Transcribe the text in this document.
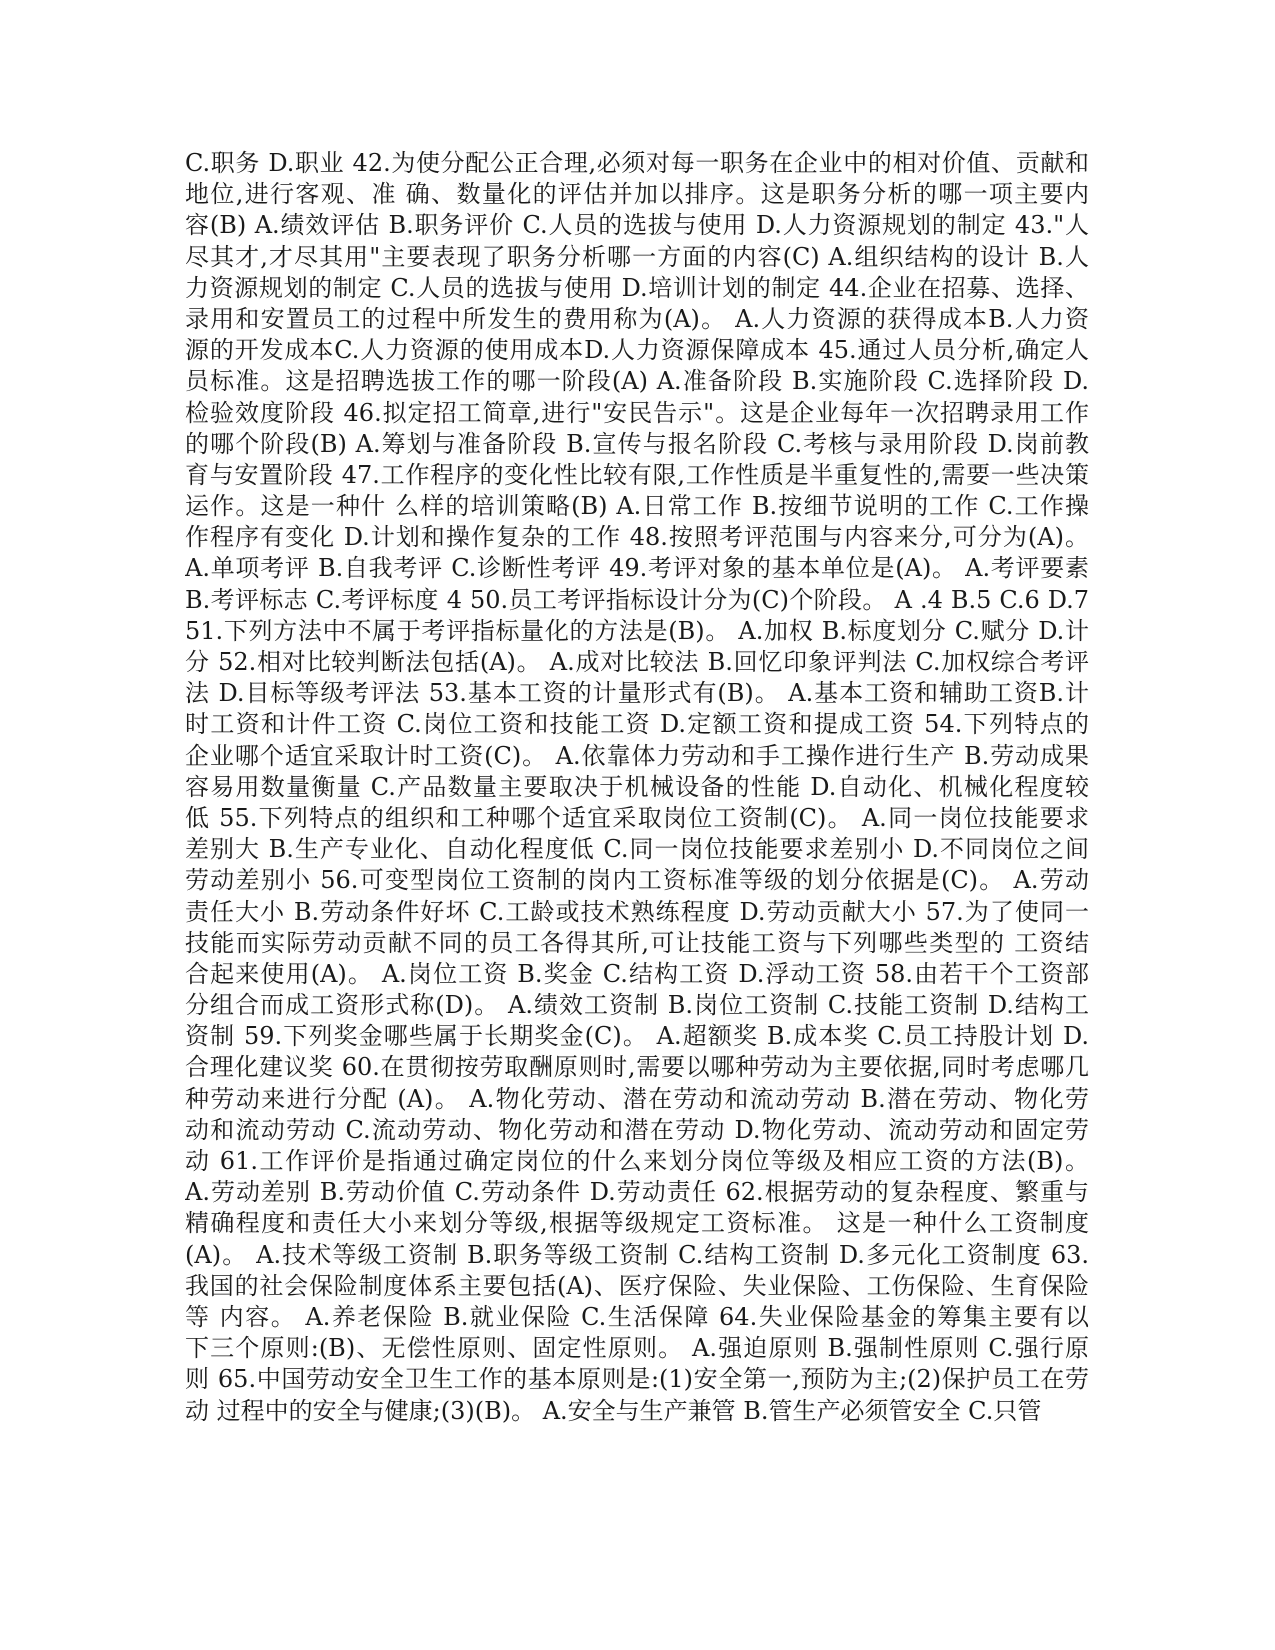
C.职务 D.职业 42.为使分配公正合理,必须对每一职务在企业中的相对价值、贡献和
地位,进行客观、准 确、数量化的评估并加以排序。这是职务分析的哪一项主要内
容(B) A.绩效评估 B.职务评价 C.人员的选拔与使用 D.人力资源规划的制定 43."人
尽其才,才尽其用"主要表现了职务分析哪一方面的内容(C) A.组织结构的设计 B.人
力资源规划的制定 C.人员的选拔与使用 D.培训计划的制定 44.企业在招募、选择、
录用和安置员工的过程中所发生的费用称为(A)。 A.人力资源的获得成本B.人力资
源的开发成本C.人力资源的使用成本D.人力资源保障成本 45.通过人员分析,确定人
员标准。这是招聘选拔工作的哪一阶段(A) A.准备阶段 B.实施阶段 C.选择阶段 D.
检验效度阶段 46.拟定招工简章,进行"安民告示"。这是企业每年一次招聘录用工作
的哪个阶段(B) A.筹划与准备阶段 B.宣传与报名阶段 C.考核与录用阶段 D.岗前教
育与安置阶段 47.工作程序的变化性比较有限,工作性质是半重复性的,需要一些决策
运作。这是一种什 么样的培训策略(B) A.日常工作 B.按细节说明的工作 C.工作操
作程序有变化 D.计划和操作复杂的工作 48.按照考评范围与内容来分,可分为(A)。
A.单项考评 B.自我考评 C.诊断性考评 49.考评对象的基本单位是(A)。 A.考评要素
B.考评标志 C.考评标度 4 50.员工考评指标设计分为(C)个阶段。 A .4 B.5 C.6 D.7
51.下列方法中不属于考评指标量化的方法是(B)。 A.加权 B.标度划分 C.赋分 D.计
分 52.相对比较判断法包括(A)。 A.成对比较法 B.回忆印象评判法 C.加权综合考评
法 D.目标等级考评法 53.基本工资的计量形式有(B)。 A.基本工资和辅助工资B.计
时工资和计件工资 C.岗位工资和技能工资 D.定额工资和提成工资 54.下列特点的
企业哪个适宜采取计时工资(C)。 A.依靠体力劳动和手工操作进行生产 B.劳动成果
容易用数量衡量 C.产品数量主要取决于机械设备的性能 D.自动化、机械化程度较
低 55.下列特点的组织和工种哪个适宜采取岗位工资制(C)。 A.同一岗位技能要求
差别大 B.生产专业化、自动化程度低 C.同一岗位技能要求差别小 D.不同岗位之间
劳动差别小 56.可变型岗位工资制的岗内工资标准等级的划分依据是(C)。 A.劳动
责任大小 B.劳动条件好坏 C.工龄或技术熟练程度 D.劳动贡献大小 57.为了使同一
技能而实际劳动贡献不同的员工各得其所,可让技能工资与下列哪些类型的 工资结
合起来使用(A)。 A.岗位工资 B.奖金 C.结构工资 D.浮动工资 58.由若干个工资部
分组合而成工资形式称(D)。 A.绩效工资制 B.岗位工资制 C.技能工资制 D.结构工
资制 59.下列奖金哪些属于长期奖金(C)。 A.超额奖 B.成本奖 C.员工持股计划 D.
合理化建议奖 60.在贯彻按劳取酬原则时,需要以哪种劳动为主要依据,同时考虑哪几
种劳动来进行分配 (A)。 A.物化劳动、潜在劳动和流动劳动 B.潜在劳动、物化劳
动和流动劳动 C.流动劳动、物化劳动和潜在劳动 D.物化劳动、流动劳动和固定劳
动 61.工作评价是指通过确定岗位的什么来划分岗位等级及相应工资的方法(B)。
A.劳动差别 B.劳动价值 C.劳动条件 D.劳动责任 62.根据劳动的复杂程度、繁重与
精确程度和责任大小来划分等级,根据等级规定工资标准。 这是一种什么工资制度
(A)。 A.技术等级工资制 B.职务等级工资制 C.结构工资制 D.多元化工资制度 63.
我国的社会保险制度体系主要包括(A)、医疗保险、失业保险、工伤保险、生育保险
等 内容。 A.养老保险 B.就业保险 C.生活保障 64.失业保险基金的筹集主要有以
下三个原则:(B)、无偿性原则、固定性原则。 A.强迫原则 B.强制性原则 C.强行原
则 65.中国劳动安全卫生工作的基本原则是:(1)安全第一,预防为主;(2)保护员工在劳
动 过程中的安全与健康;(3)(B)。 A.安全与生产兼管 B.管生产必须管安全 C.只管
